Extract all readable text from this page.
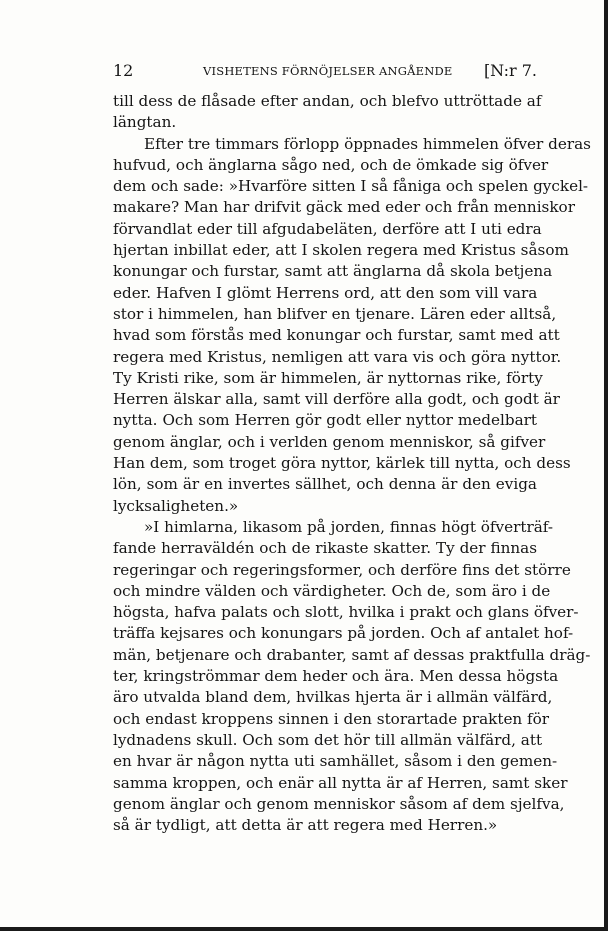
12	VISHETENS FÖRNÖJELSER ANGÅENDE [N:r 7.
till dess de flåsade efter andan, och blefvo uttröttade af
längtan.
Efter tre timmars förlopp öppnades himmelen öfver deras
hufvud, och änglarna sågo ned, och de ömkade sig öfver
dem och sade: »Hvarföre sitten I så fåniga och spelen gyckel-
makare? Man har drifvit gäck med eder och från menniskor
förvandlat eder till afgudabeläten, derföre att I uti edra
hjertan inbillat eder, att I skolen regera med Kristus såsom
konungar och furstar, samt att änglarna då skola betjena
eder. Hafven I glömt Herrens ord, att den som vill vara
stor i himmelen, han blifver en tjenare. Lären eder alltså,
hvad som förstås med konungar och furstar, samt med att
regera med Kristus, nemligen att vara vis och göra nyttor.
Ty Kristi rike, som är himmelen, är nyttornas rike, förty
Herren älskar alla, samt vill derföre alla godt, och godt är
nytta. Och som Herren gör godt eller nyttor medelbart
genom änglar, och i verlden genom menniskor, så gifver
Han dem, som troget göra nyttor, kärlek till nytta, och dess
lön, som är en invertes sällhet, och denna är den eviga
lycksaligheten.»
»I himlarna, likasom på jorden, finnas högt öfverträf-
fande herraväldén och de rikaste skatter. Ty der finnas
regeringar och regeringsformer, och derföre fins det större
och mindre välden och värdigheter. Och de, som äro i de
högsta, hafva palats och slott, hvilka i prakt och glans öfver-
träffa kejsares och konungars på jorden. Och af antalet hof-
män, betjenare och drabanter, samt af dessas praktfulla dräg-
ter, kringströmmar dem heder och ära. Men dessa högsta
äro utvalda bland dem, hvilkas hjerta är i allmän välfärd,
och endast kroppens sinnen i den storartade prakten för
lydnadens skull. Och som det hör till allmän välfärd, att
en hvar är någon nytta uti samhället, såsom i den gemen-
samma kroppen, och enär all nytta är af Herren, samt sker
genom änglar och genom menniskor såsom af dem sjelfva,
så är tydligt, att detta är att regera med Herren.»
